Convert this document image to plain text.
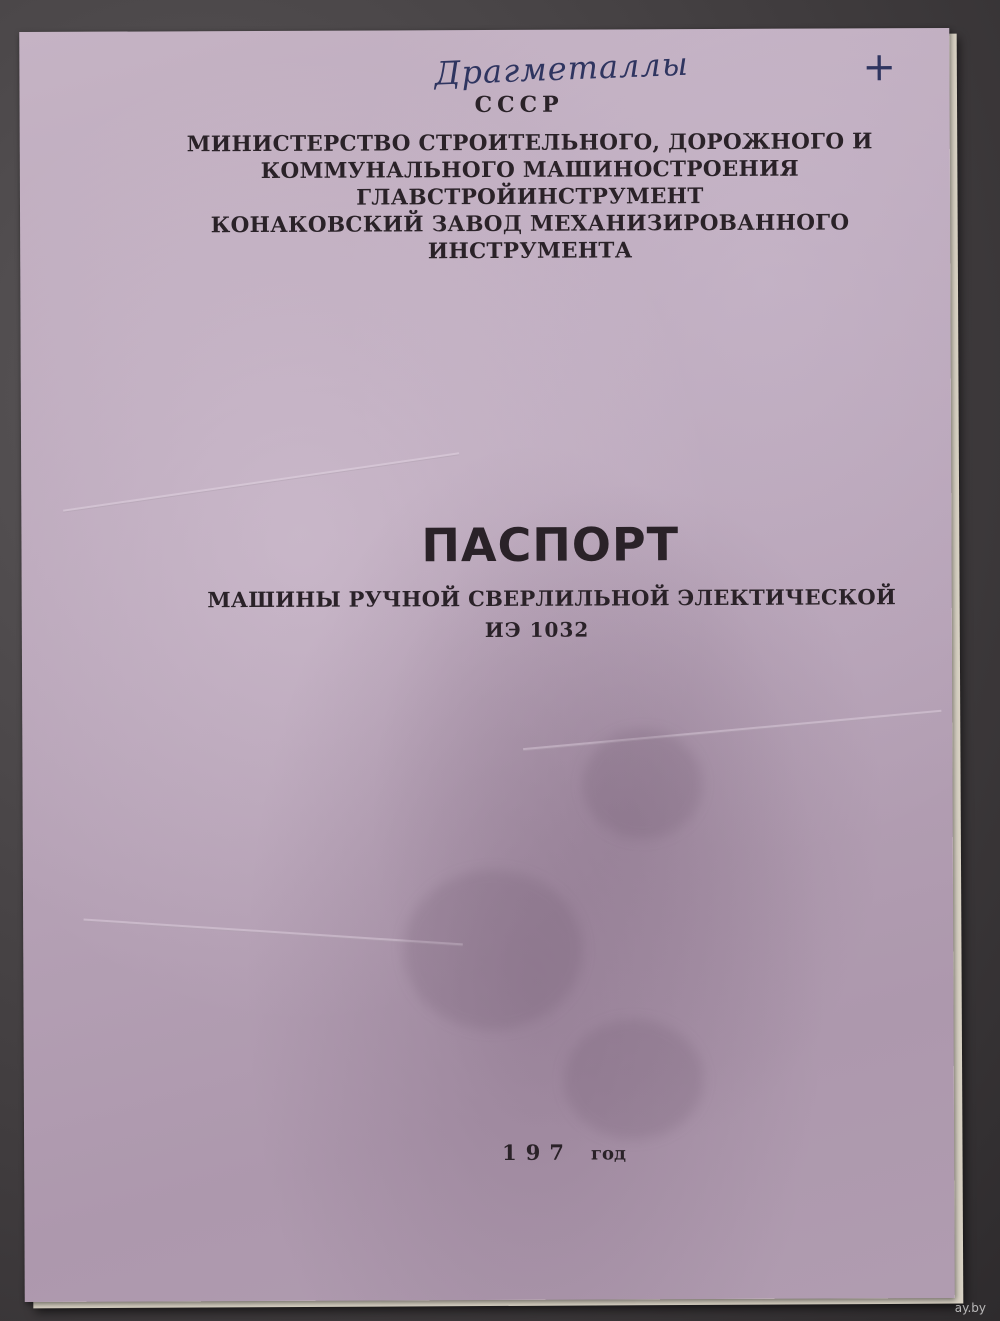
Драгметаллы	+
СССР
МИНИСТЕРСТВО СТРОИТЕЛЬНОГО, ДОРОЖНОГО И
КОММУНАЛЬНОГО МАШИНОСТРОЕНИЯ
ГЛАВСТРОЙИНСТРУМЕНТ
КОНАКОВСКИЙ ЗАВОД МЕХАНИЗИРОВАННОГО
ИНСТРУМЕНТА
ПАСПОРТ
МАШИНЫ РУЧНОЙ СВЕРЛИЛЬНОЙ ЭЛЕКТИЧЕСКОЙ
ИЭ 1032
197 год
ay.by
